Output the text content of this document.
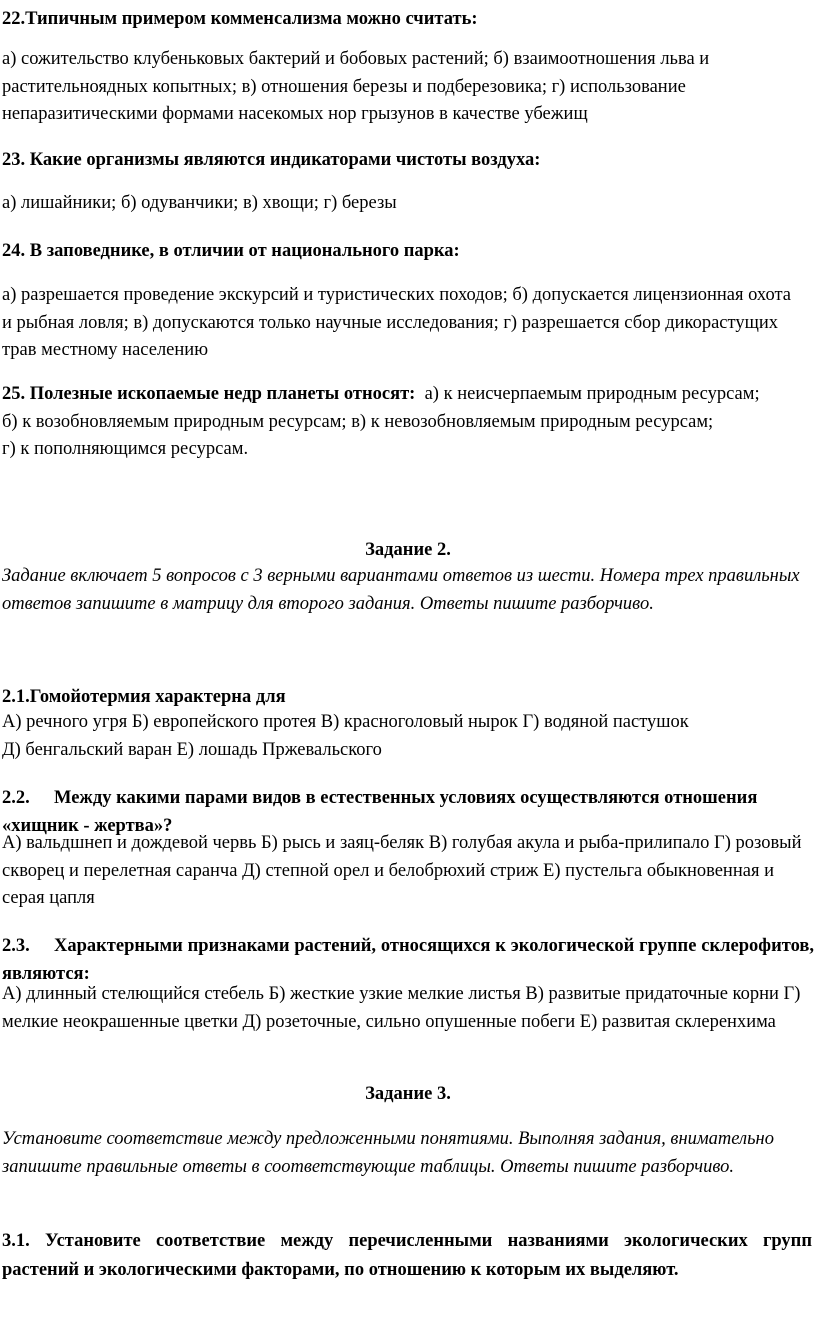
22.Типичным примером комменсализма можно считать:

а) сожительство клубеньковых бактерий и бобовых растений; б) взаимоотношения льва и растительноядных копытных; в) отношения березы и подберезовика; г) использование непаразитическими формами насекомых нор грызунов в качестве убежищ

23. Какие организмы являются индикаторами чистоты воздуха:

а) лишайники; б) одуванчики; в) хвощи; г) березы

24. В заповеднике, в отличии от национального парка:

а) разрешается проведение экскурсий и туристических походов; б) допускается лицензионная охота и рыбная ловля; в) допускаются только научные исследования; г) разрешается сбор дикорастущих трав местному населению

25. Полезные ископаемые недр планеты относят: а) к неисчерпаемым природным ресурсам;

б) к возобновляемым природным ресурсам; в) к невозобновляемым природным ресурсам;

г) к пополняющимся ресурсам.

Задание 2.

Задание включает 5 вопросов с 3 верными вариантами ответов из шести. Номера трех правильных ответов запишите в матрицу для второго задания. Ответы пишите разборчиво.

2.1.Гомойотермия характерна для

А) речного угря Б) европейского протея В) красноголовый нырок Г) водяной пастушок

Д) бенгальский варан Е) лошадь Пржевальского

2.2. Между какими парами видов в естественных условиях осуществляются отношения «хищник - жертва»?

А) вальдшнеп и дождевой червь Б) рысь и заяц-беляк В) голубая акула и рыба-прилипало Г) розовый скворец и перелетная саранча Д) степной орел и белобрюхий стриж Е) пустельга обыкновенная и серая цапля

2.3. Характерными признаками растений, относящихся к экологической группе склерофитов, являются:

А) длинный стелющийся стебель Б) жесткие узкие мелкие листья В) развитые придаточные корни Г) мелкие неокрашенные цветки Д) розеточные, сильно опушенные побеги Е) развитая склеренхима

Задание 3.

Установите соответствие между предложенными понятиями. Выполняя задания, внимательно запишите правильные ответы в соответствующие таблицы. Ответы пишите разборчиво.

3.1. Установите соответствие между перечисленными названиями экологических групп растений и экологическими факторами, по отношению к которым их выделяют.
